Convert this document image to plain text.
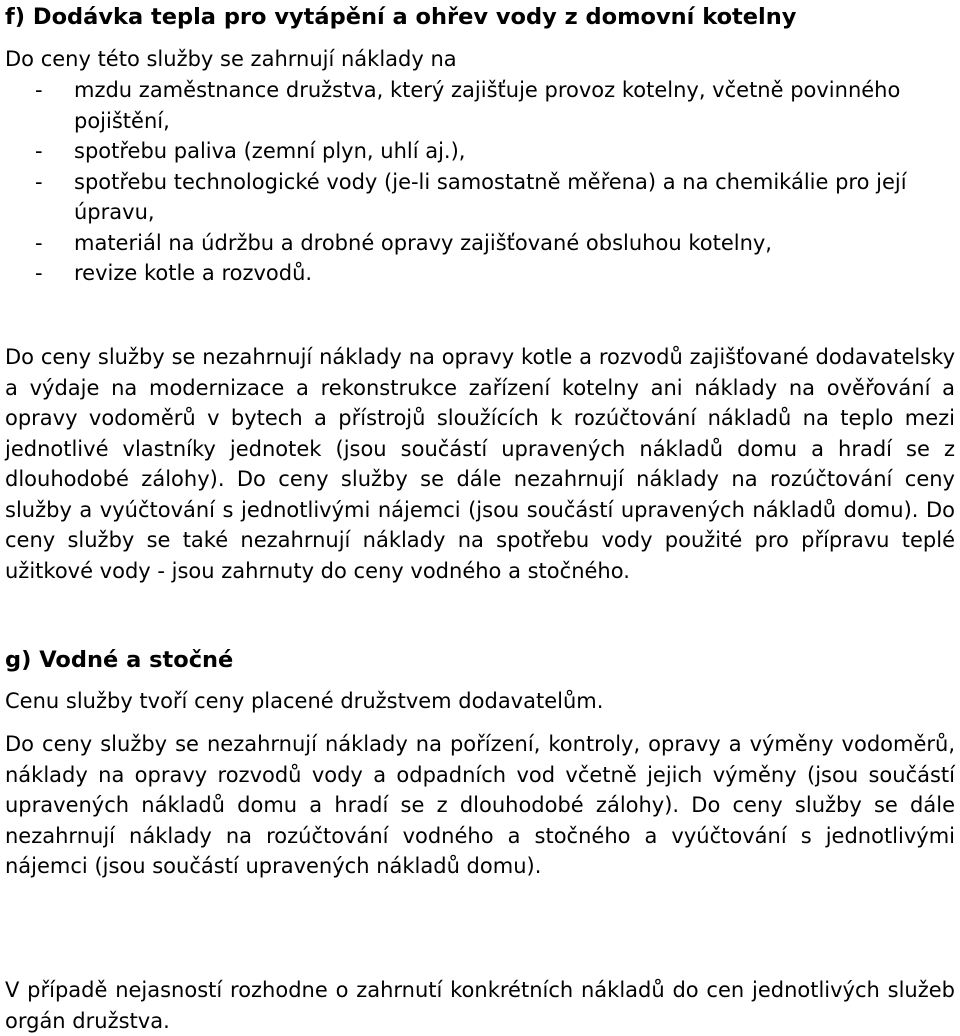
f) Dodávka tepla pro vytápění a ohřev vody z domovní kotelny

Do ceny této služby se zahrnují náklady na

- mzdu zaměstnance družstva, který zajišťuje provoz kotelny, včetně povinného pojištění,
- spotřebu paliva (zemní plyn, uhlí aj.),
- spotřebu technologické vody (je-li samostatně měřena) a na chemikálie pro její úpravu,
- materiál na údržbu a drobné opravy zajišťované obsluhou kotelny,
- revize kotle a rozvodů.

Do ceny služby se nezahrnují náklady na opravy kotle a rozvodů zajišťované dodavatelsky a výdaje na modernizace a rekonstrukce zařízení kotelny ani náklady na ověřování a opravy vodoměrů v bytech a přístrojů sloužících k rozúčtování nákladů na teplo mezi jednotlivé vlastníky jednotek (jsou součástí upravených nákladů domu a hradí se z dlouhodobé zálohy). Do ceny služby se dále nezahrnují náklady na rozúčtování ceny služby a vyúčtování s jednotlivými nájemci (jsou součástí upravených nákladů domu). Do ceny služby se také nezahrnují náklady na spotřebu vody použité pro přípravu teplé užitkové vody - jsou zahrnuty do ceny vodného a stočného.

g) Vodné a stočné

Cenu služby tvoří ceny placené družstvem dodavatelům.

Do ceny služby se nezahrnují náklady na pořízení, kontroly, opravy a výměny vodoměrů, náklady na opravy rozvodů vody a odpadních vod včetně jejich výměny (jsou součástí upravených nákladů domu a hradí se z dlouhodobé zálohy). Do ceny služby se dále nezahrnují náklady na rozúčtování vodného a stočného a vyúčtování s jednotlivými nájemci (jsou součástí upravených nákladů domu).

V případě nejasností rozhodne o zahrnutí konkrétních nákladů do cen jednotlivých služeb orgán družstva.
